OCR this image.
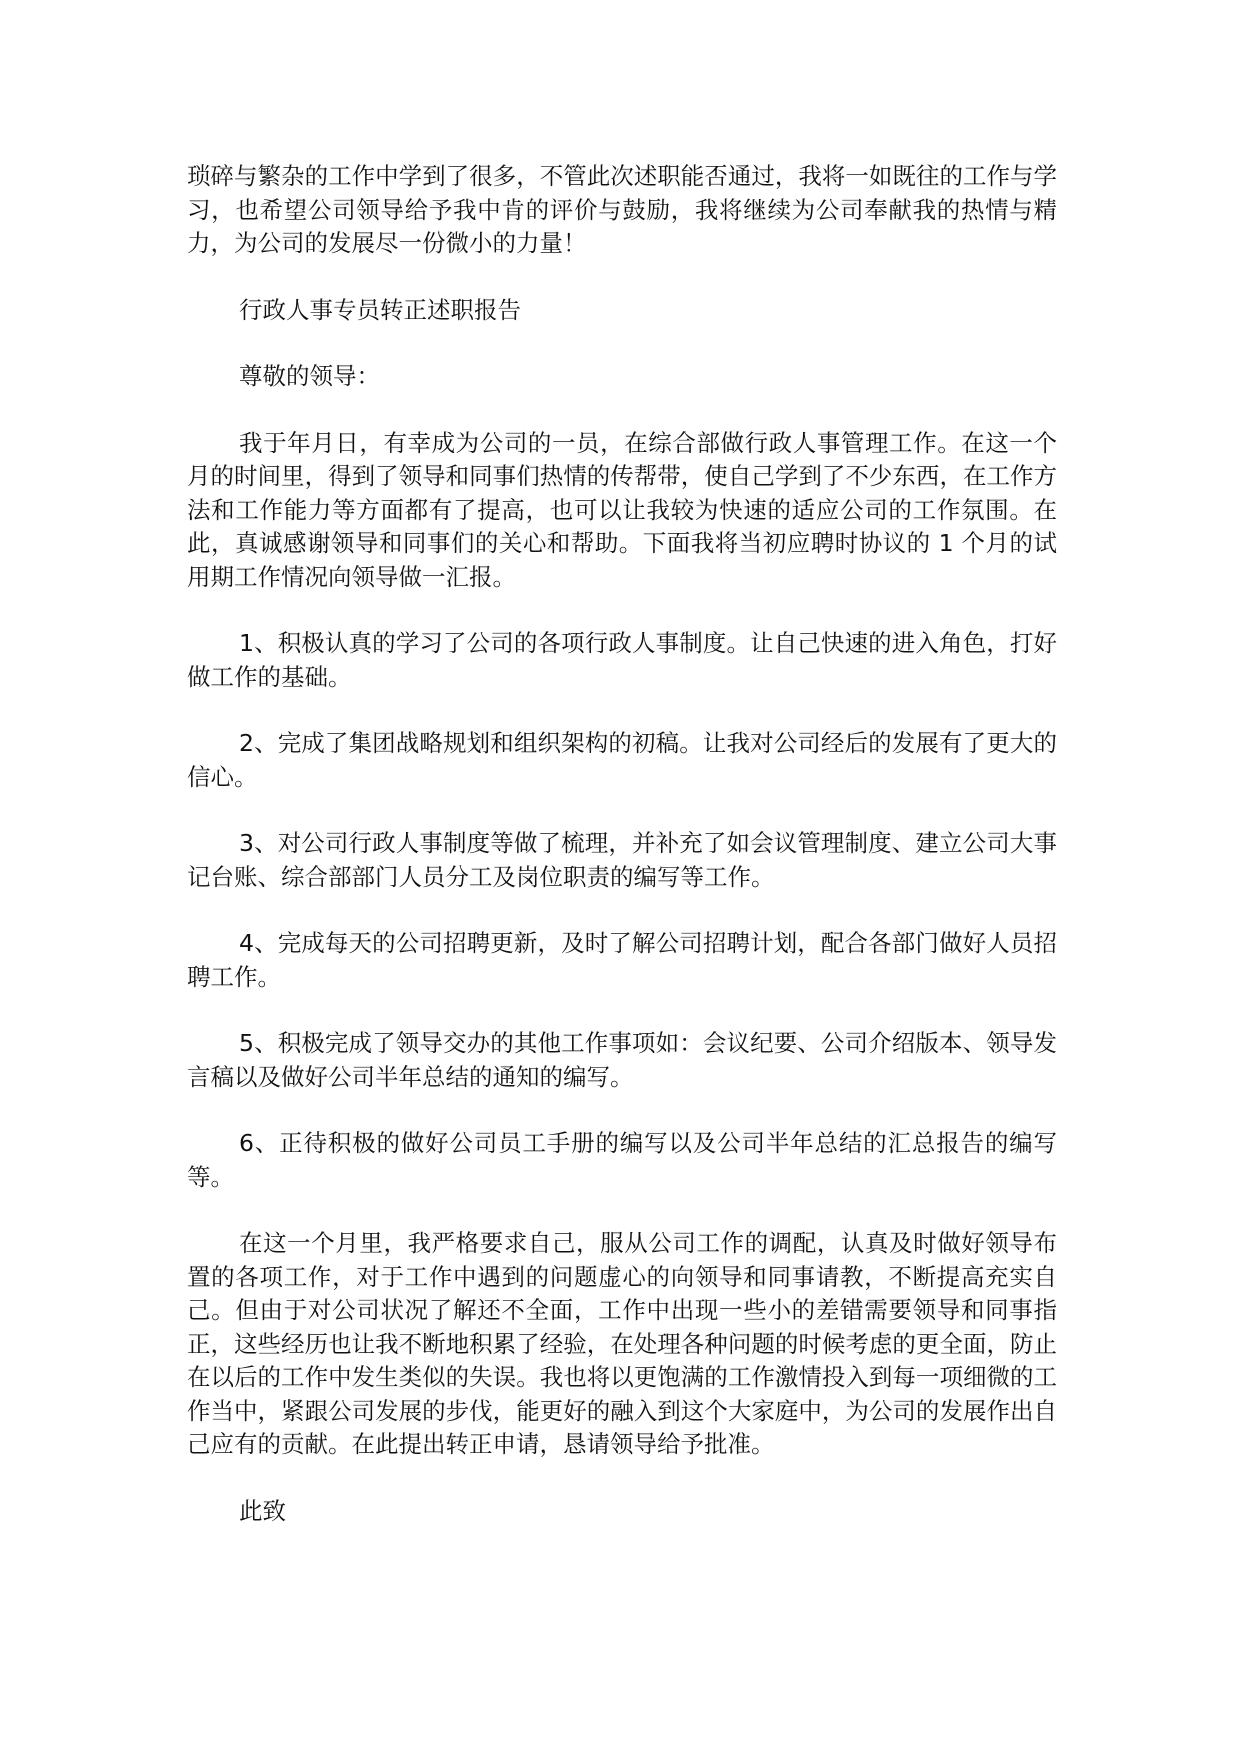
琐碎与繁杂的工作中学到了很多，不管此次述职能否通过，我将一如既往的工作与学习，也希望公司领导给予我中肯的评价与鼓励，我将继续为公司奉献我的热情与精力，为公司的发展尽一份微小的力量！

行政人事专员转正述职报告

尊敬的领导：

我于年月日，有幸成为公司的一员，在综合部做行政人事管理工作。在这一个月的时间里，得到了领导和同事们热情的传帮带，使自己学到了不少东西，在工作方法和工作能力等方面都有了提高，也可以让我较为快速的适应公司的工作氛围。在此，真诚感谢领导和同事们的关心和帮助。下面我将当初应聘时协议的 1 个月的试用期工作情况向领导做一汇报。

1、积极认真的学习了公司的各项行政人事制度。让自己快速的进入角色，打好做工作的基础。

2、完成了集团战略规划和组织架构的初稿。让我对公司经后的发展有了更大的信心。

3、对公司行政人事制度等做了梳理，并补充了如会议管理制度、建立公司大事记台账、综合部部门人员分工及岗位职责的编写等工作。

4、完成每天的公司招聘更新，及时了解公司招聘计划，配合各部门做好人员招聘工作。

5、积极完成了领导交办的其他工作事项如：会议纪要、公司介绍版本、领导发言稿以及做好公司半年总结的通知的编写。

6、正待积极的做好公司员工手册的编写以及公司半年总结的汇总报告的编写等。

在这一个月里，我严格要求自己，服从公司工作的调配，认真及时做好领导布置的各项工作，对于工作中遇到的问题虚心的向领导和同事请教，不断提高充实自己。但由于对公司状况了解还不全面，工作中出现一些小的差错需要领导和同事指正，这些经历也让我不断地积累了经验，在处理各种问题的时候考虑的更全面，防止在以后的工作中发生类似的失误。我也将以更饱满的工作激情投入到每一项细微的工作当中，紧跟公司发展的步伐，能更好的融入到这个大家庭中，为公司的发展作出自己应有的贡献。在此提出转正申请，恳请领导给予批准。

此致
